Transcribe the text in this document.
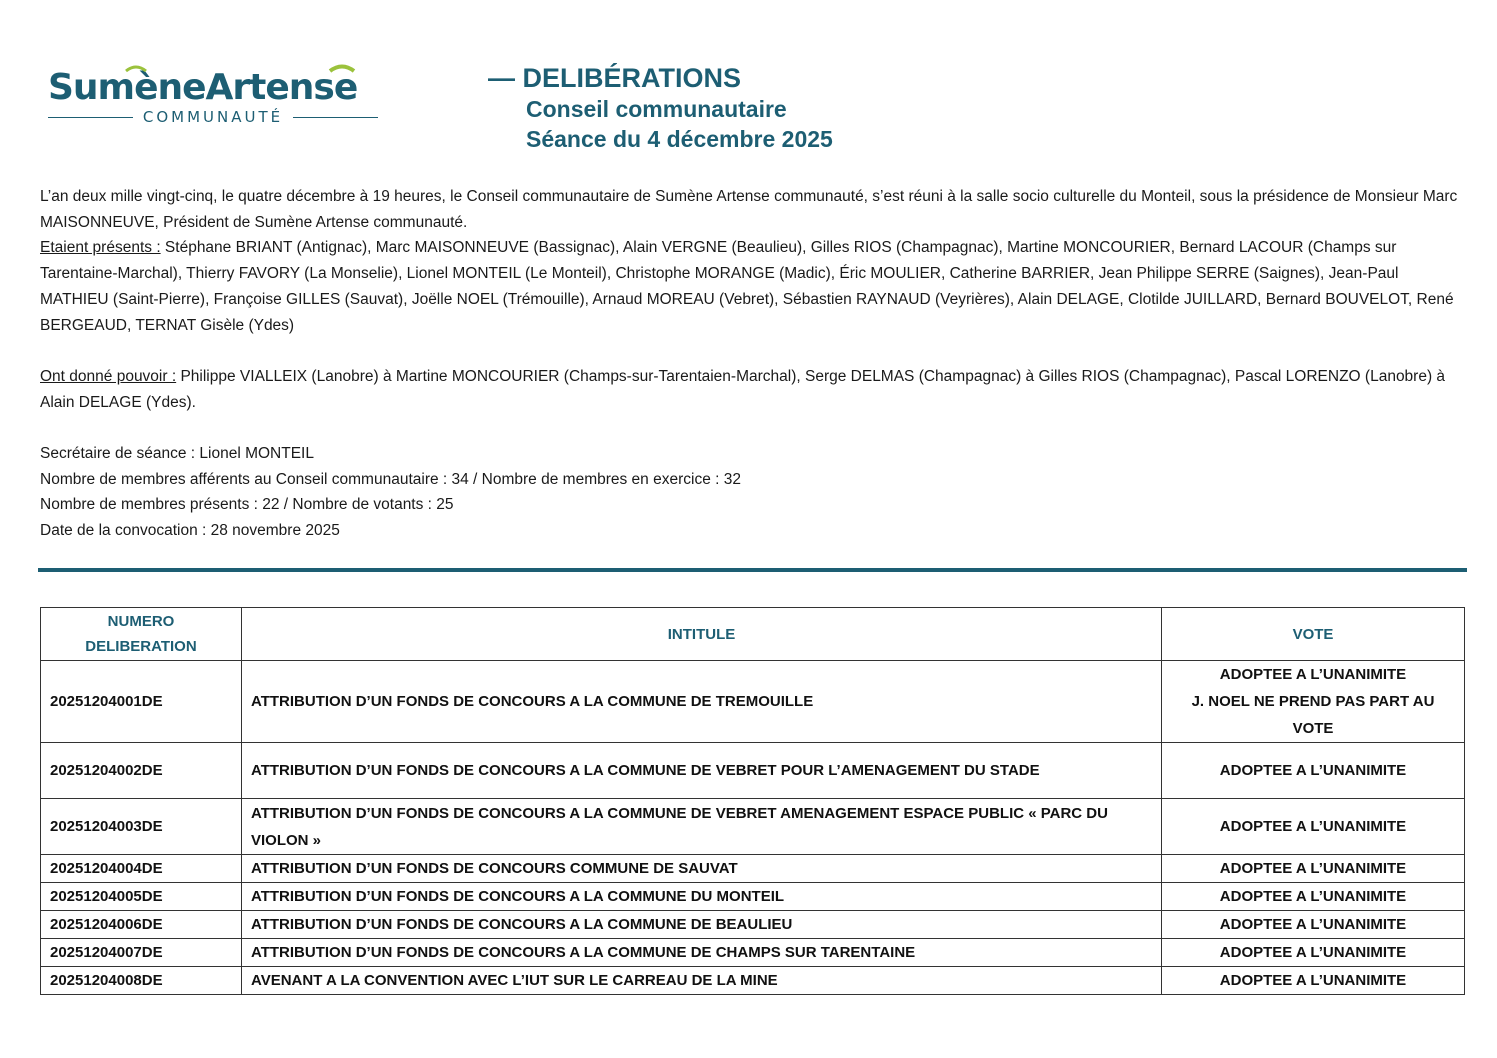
SumèneArtense
COMMUNAUTÉ
— DELIBÉRATIONS
Conseil communautaire
Séance du 4 décembre 2025

L’an deux mille vingt-cinq, le quatre décembre à 19 heures, le Conseil communautaire de Sumène Artense communauté, s’est réuni à la salle socio culturelle du Monteil, sous la présidence de Monsieur Marc MAISONNEUVE, Président de Sumène Artense communauté.

Etaient présents : Stéphane BRIANT (Antignac), Marc MAISONNEUVE (Bassignac), Alain VERGNE (Beaulieu), Gilles RIOS (Champagnac), Martine MONCOURIER, Bernard LACOUR (Champs sur Tarentaine-Marchal), Thierry FAVORY (La Monselie), Lionel MONTEIL (Le Monteil), Christophe MORANGE (Madic), Éric MOULIER, Catherine BARRIER, Jean Philippe SERRE (Saignes), Jean-Paul MATHIEU (Saint-Pierre), Françoise GILLES (Sauvat), Joëlle NOEL (Trémouille), Arnaud MOREAU (Vebret), Sébastien RAYNAUD (Veyrières), Alain DELAGE, Clotilde JUILLARD, Bernard BOUVELOT, René BERGEAUD, TERNAT Gisèle (Ydes)

Ont donné pouvoir : Philippe VIALLEIX (Lanobre) à Martine MONCOURIER (Champs-sur-Tarentaien-Marchal), Serge DELMAS (Champagnac) à Gilles RIOS (Champagnac), Pascal LORENZO (Lanobre) à Alain DELAGE (Ydes).

Secrétaire de séance : Lionel MONTEIL

Nombre de membres afférents au Conseil communautaire : 34 / Nombre de membres en exercice : 32

Nombre de membres présents : 22 / Nombre de votants : 25

Date de la convocation : 28 novembre 2025

NUMERO
DELIBERATION	INTITULE	VOTE
20251204001DE	ATTRIBUTION D’UN FONDS DE CONCOURS A LA COMMUNE DE TREMOUILLE	ADOPTEE A L’UNANIMITE
J. NOEL NE PREND PAS PART AU VOTE
20251204002DE	ATTRIBUTION D’UN FONDS DE CONCOURS A LA COMMUNE DE VEBRET POUR L’AMENAGEMENT DU STADE	ADOPTEE A L’UNANIMITE
20251204003DE	ATTRIBUTION D’UN FONDS DE CONCOURS A LA COMMUNE DE VEBRET AMENAGEMENT ESPACE PUBLIC « PARC DU VIOLON »	ADOPTEE A L’UNANIMITE
20251204004DE	ATTRIBUTION D’UN FONDS DE CONCOURS COMMUNE DE SAUVAT	ADOPTEE A L’UNANIMITE
20251204005DE	ATTRIBUTION D’UN FONDS DE CONCOURS A LA COMMUNE DU MONTEIL	ADOPTEE A L’UNANIMITE
20251204006DE	ATTRIBUTION D’UN FONDS DE CONCOURS A LA COMMUNE DE BEAULIEU	ADOPTEE A L’UNANIMITE
20251204007DE	ATTRIBUTION D’UN FONDS DE CONCOURS A LA COMMUNE DE CHAMPS SUR TARENTAINE	ADOPTEE A L’UNANIMITE
20251204008DE	AVENANT A LA CONVENTION AVEC L’IUT SUR LE CARREAU DE LA MINE	ADOPTEE A L’UNANIMITE
